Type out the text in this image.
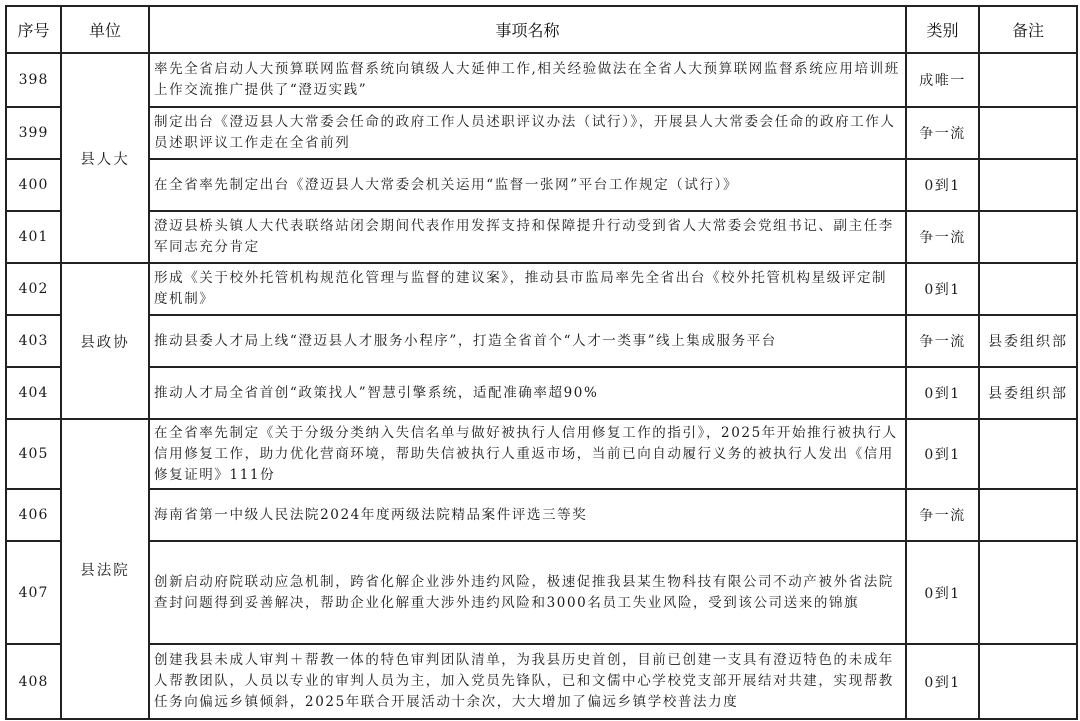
序号	单位	事项名称	类别	备注
398	县人大	率先全省启动人大预算联网监督系统向镇级人大延伸工作,相关经验做法在全省人大预算联网监督系统应用培训班上作交流推广提供了“澄迈实践”	成唯一	
399		制定出台《澄迈县人大常委会任命的政府工作人员述职评议办法（试行）》，开展县人大常委会任命的政府工作人员述职评议工作走在全省前列	争一流	
400		在全省率先制定出台《澄迈县人大常委会机关运用“监督一张网”平台工作规定（试行）》	0到1	
401		澄迈县桥头镇人大代表联络站闭会期间代表作用发挥支持和保障提升行动受到省人大常委会党组书记、副主任李军同志充分肯定	争一流	
402	县政协	形成《关于校外托管机构规范化管理与监督的建议案》，推动县市监局率先全省出台《校外托管机构星级评定制度机制》	0到1	
403		推动县委人才局上线“澄迈县人才服务小程序”，打造全省首个“人才一类事”线上集成服务平台	争一流	县委组织部
404		推动人才局全省首创“政策找人”智慧引擎系统，适配准确率超90%	0到1	县委组织部
405	县法院	在全省率先制定《关于分级分类纳入失信名单与做好被执行人信用修复工作的指引》，2025年开始推行被执行人信用修复工作，助力优化营商环境，帮助失信被执行人重返市场，当前已向自动履行义务的被执行人发出《信用修复证明》111份	0到1	
406		海南省第一中级人民法院2024年度两级法院精品案件评选三等奖	争一流	
407		创新启动府院联动应急机制，跨省化解企业涉外违约风险，极速促推我县某生物科技有限公司不动产被外省法院查封问题得到妥善解决，帮助企业化解重大涉外违约风险和3000名员工失业风险，受到该公司送来的锦旗	0到1	
408		创建我县未成人审判＋帮教一体的特色审判团队清单，为我县历史首创，目前已创建一支具有澄迈特色的未成年人帮教团队，人员以专业的审判人员为主，加入党员先锋队，已和文儒中心学校党支部开展结对共建，实现帮教任务向偏远乡镇倾斜，2025年联合开展活动十余次，大大增加了偏远乡镇学校普法力度	0到1	
